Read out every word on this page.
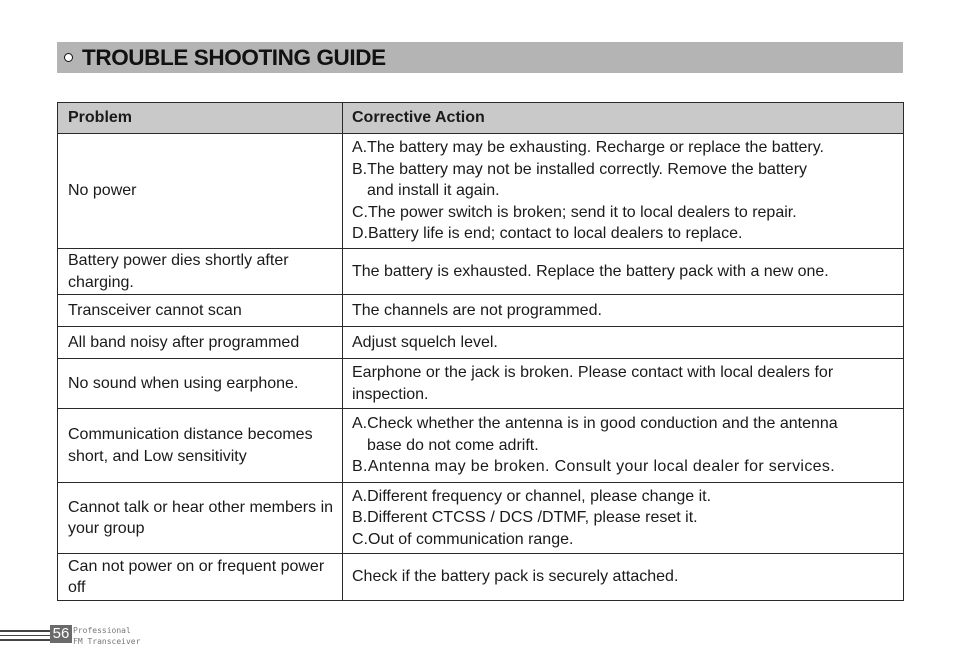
TROUBLE SHOOTING GUIDE
Problem	Corrective Action
No power	A.The battery may be exhausting. Recharge or replace the battery.
B.The battery may not be installed correctly. Remove the battery
and install it again.
C.The power switch is broken; send it to local dealers to repair.
D.Battery life is end; contact to local dealers to replace.

Battery power dies shortly after charging.	The battery is exhausted. Replace the battery pack with a new one.

Transceiver cannot scan	The channels are not programmed.

All band noisy after programmed	Adjust squelch level.

No sound when using earphone.	Earphone or the jack is broken. Please contact with local dealers for inspection.

Communication distance becomes short, and Low sensitivity	A.Check whether the antenna is in good conduction and the antenna
base do not come adrift.
B.Antenna may be broken. Consult your local dealer for services.

Cannot talk or hear other members in your group	A.Different frequency or channel, please change it.
B.Different CTCSS / DCS /DTMF, please reset it.
C.Out of communication range.

Can not power on or frequent power off	Check if the battery pack is securely attached.
56 Professional
FM Transceiver
